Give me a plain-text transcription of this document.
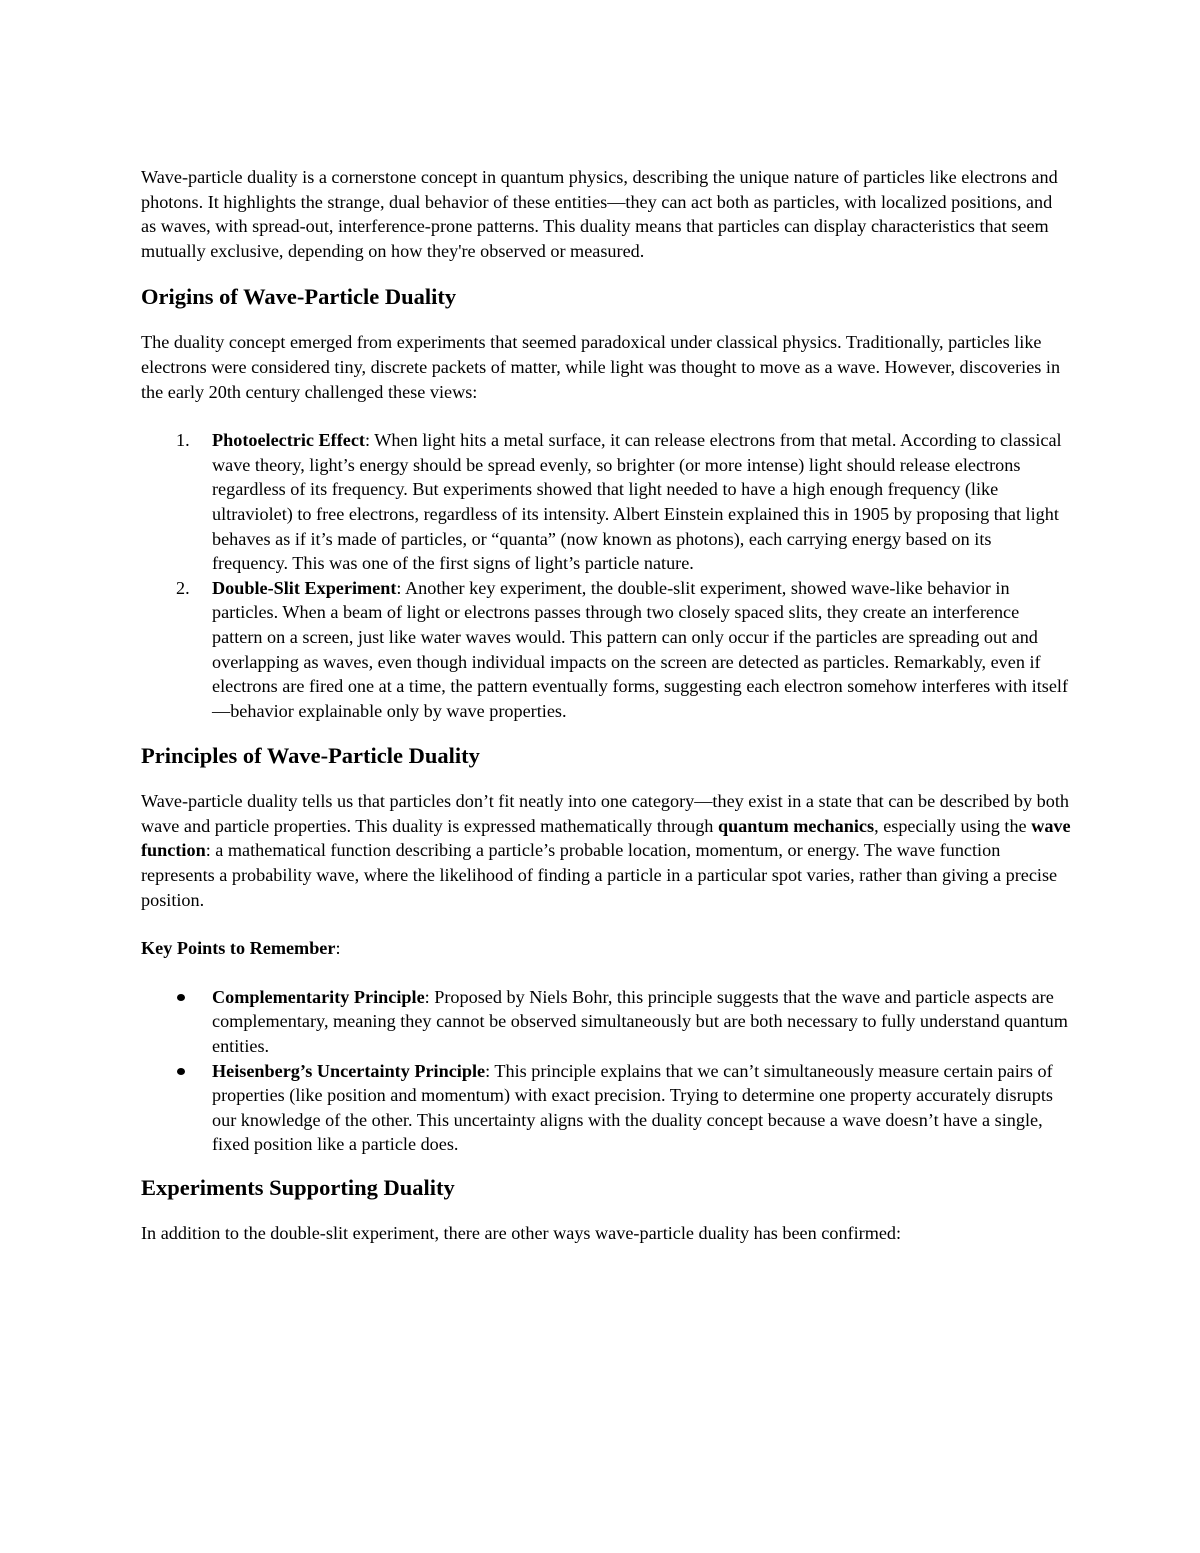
Wave-particle duality is a cornerstone concept in quantum physics, describing the unique nature of particles like electrons and photons. It highlights the strange, dual behavior of these entities—they can act both as particles, with localized positions, and as waves, with spread-out, interference-prone patterns. This duality means that particles can display characteristics that seem mutually exclusive, depending on how they're observed or measured.

Origins of Wave-Particle Duality

The duality concept emerged from experiments that seemed paradoxical under classical physics. Traditionally, particles like electrons were considered tiny, discrete packets of matter, while light was thought to move as a wave. However, discoveries in the early 20th century challenged these views:

1. Photoelectric Effect: When light hits a metal surface, it can release electrons from that metal. According to classical wave theory, light’s energy should be spread evenly, so brighter (or more intense) light should release electrons regardless of its frequency. But experiments showed that light needed to have a high enough frequency (like ultraviolet) to free electrons, regardless of its intensity. Albert Einstein explained this in 1905 by proposing that light behaves as if it’s made of particles, or “quanta” (now known as photons), each carrying energy based on its frequency. This was one of the first signs of light’s particle nature.
2. Double-Slit Experiment: Another key experiment, the double-slit experiment, showed wave-like behavior in particles. When a beam of light or electrons passes through two closely spaced slits, they create an interference pattern on a screen, just like water waves would. This pattern can only occur if the particles are spreading out and overlapping as waves, even though individual impacts on the screen are detected as particles. Remarkably, even if electrons are fired one at a time, the pattern eventually forms, suggesting each electron somehow interferes with itself—behavior explainable only by wave properties.
Principles of Wave-Particle Duality

Wave-particle duality tells us that particles don’t fit neatly into one category—they exist in a state that can be described by both wave and particle properties. This duality is expressed mathematically through quantum mechanics, especially using the wave function: a mathematical function describing a particle’s probable location, momentum, or energy. The wave function represents a probability wave, where the likelihood of finding a particle in a particular spot varies, rather than giving a precise position.

Key Points to Remember:

Complementarity Principle: Proposed by Niels Bohr, this principle suggests that the wave and particle aspects are complementary, meaning they cannot be observed simultaneously but are both necessary to fully understand quantum entities.
Heisenberg’s Uncertainty Principle: This principle explains that we can’t simultaneously measure certain pairs of properties (like position and momentum) with exact precision. Trying to determine one property accurately disrupts our knowledge of the other. This uncertainty aligns with the duality concept because a wave doesn’t have a single, fixed position like a particle does.
Experiments Supporting Duality

In addition to the double-slit experiment, there are other ways wave-particle duality has been confirmed:
